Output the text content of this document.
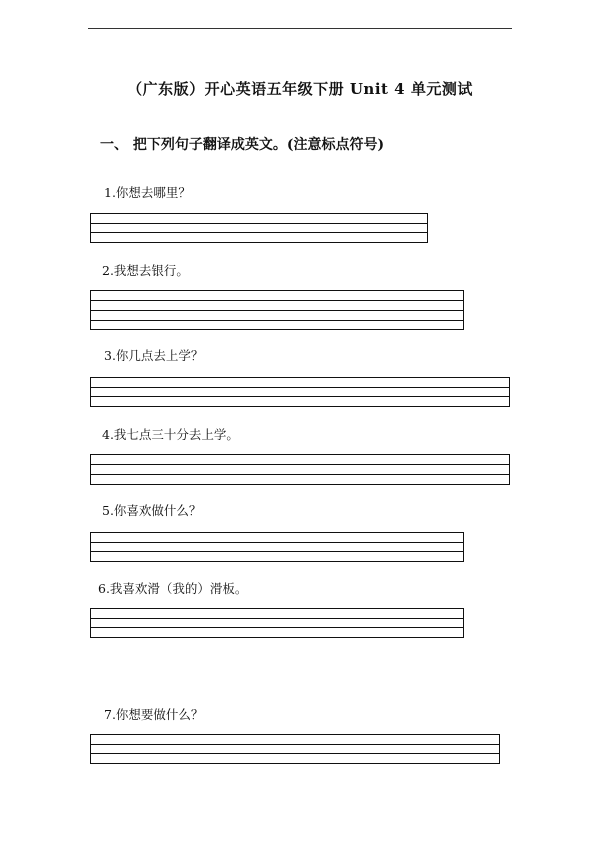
（广东版）开心英语五年级下册 Unit 4 单元测试
一、 把下列句子翻译成英文。(注意标点符号)
1.你想去哪里？
2.我想去银行。
3.你几点去上学？
4.我七点三十分去上学。
5.你喜欢做什么？
6.我喜欢滑（我的）滑板。
7.你想要做什么？
